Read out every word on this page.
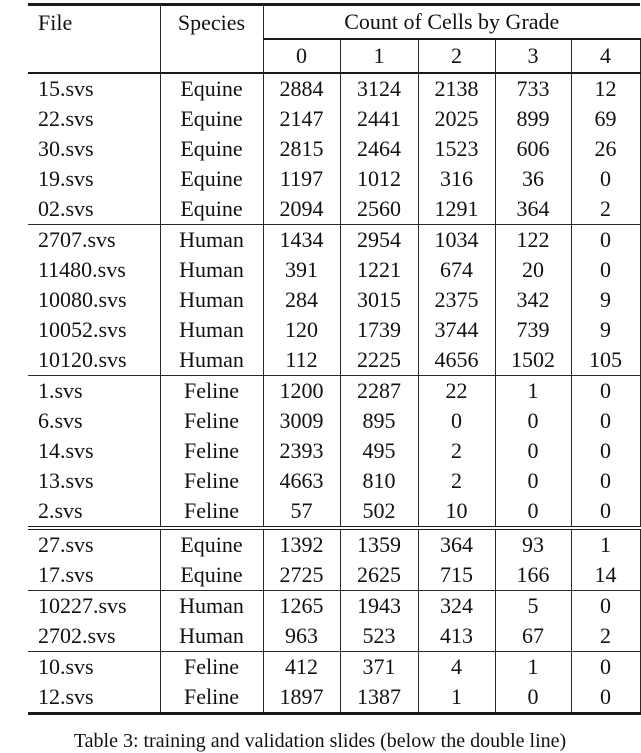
File	Species	Count of Cells by Grade				
		0	1	2	3	4
15.svs	Equine	2884	3124	2138	733	12
22.svs	Equine	2147	2441	2025	899	69
30.svs	Equine	2815	2464	1523	606	26
19.svs	Equine	1197	1012	316	36	0
02.svs	Equine	2094	2560	1291	364	2
2707.svs	Human	1434	2954	1034	122	0
11480.svs	Human	391	1221	674	20	0
10080.svs	Human	284	3015	2375	342	9
10052.svs	Human	120	1739	3744	739	9
10120.svs	Human	112	2225	4656	1502	105
1.svs	Feline	1200	2287	22	1	0
6.svs	Feline	3009	895	0	0	0
14.svs	Feline	2393	495	2	0	0
13.svs	Feline	4663	810	2	0	0
2.svs	Feline	57	502	10	0	0

27.svs	Equine	1392	1359	364	93	1
17.svs	Equine	2725	2625	715	166	14
10227.svs	Human	1265	1943	324	5	0
2702.svs	Human	963	523	413	67	2
10.svs	Feline	412	371	4	1	0
12.svs	Feline	1897	1387	1	0	0
Table 3: training and validation slides (below the double line)
